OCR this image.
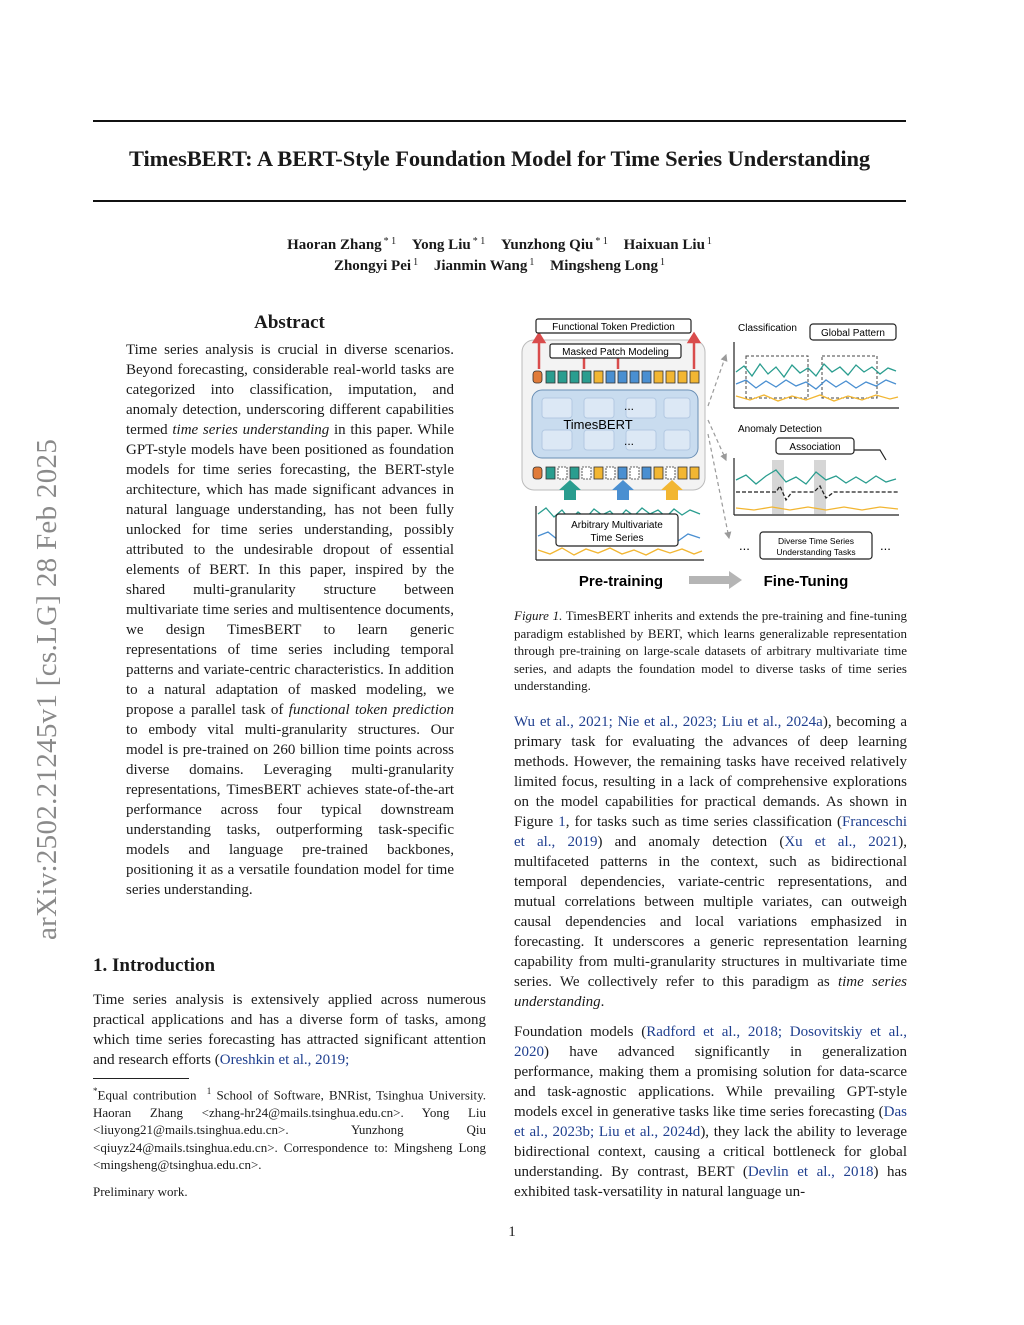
arXiv:2502.21245v1 [cs.LG] 28 Feb 2025
TimesBERT: A BERT-Style Foundation Model for Time Series Understanding
Haoran Zhang $^{* 1}$ Yong Liu $^{* 1}$ Yunzhong Qiu $^{* 1}$ Haixuan Liu $^1$
Zhongyi Pei $^1$ Jianmin Wang $^1$ Mingsheng Long $^1$
Abstract
Time series analysis is crucial in diverse scenarios. Beyond forecasting, considerable real-world tasks are categorized into classification, imputation, and anomaly detection, underscoring different capabilities termed time series understanding in this paper. While GPT-style models have been positioned as foundation models for time series forecasting, the BERT-style architecture, which has made significant advances in natural language understanding, has not been fully unlocked for time series understanding, possibly attributed to the undesirable dropout of essential elements of BERT. In this paper, inspired by the shared multi-granularity structure between multivariate time series and multisentence documents, we design TimesBERT to learn generic representations of time series including temporal patterns and variate-centric characteristics. In addition to a natural adaptation of masked modeling, we propose a parallel task of functional token prediction to embody vital multi-granularity structures. Our model is pre-trained on 260 billion time points across diverse domains. Leveraging multi-granularity representations, TimesBERT achieves state-of-the-art performance across four typical downstream understanding tasks, outperforming task-specific models and language pre-trained backbones, positioning it as a versatile foundation model for time series understanding.
1. Introduction
Time series analysis is extensively applied across numerous practical applications and has a diverse form of tasks, among which time series forecasting has attracted significant attention and research efforts (Oreshkin et al., 2019;
*Equal contribution $^1$ School of Software, BNRist, Tsinghua University. Haoran Zhang <zhang-hr24@mails.tsinghua.edu.cn>. Yong Liu <liuyong21@mails.tsinghua.edu.cn>. Yunzhong Qiu <qiuyz24@mails.tsinghua.edu.cn>. Correspondence to: Mingsheng Long <mingsheng@tsinghua.edu.cn>.
Preliminary work.
Functional Token Prediction
Masked Patch Modeling
...
TimesBERT
...
Arbitrary Multivariate
Time Series
Pre-training	Fine-Tuning
Classification Global Pattern
Anomaly Detection
Association
...	Diverse Time Series
Understanding Tasks ...
Figure 1. TimesBERT inherits and extends the pre-training and fine-tuning paradigm established by BERT, which learns generalizable representation through pre-training on large-scale datasets of arbitrary multivariate time series, and adapts the foundation model to diverse tasks of time series understanding.
Wu et al., 2021; Nie et al., 2023; Liu et al., 2024a), becoming a primary task for evaluating the advances of deep learning methods. However, the remaining tasks have received relatively limited focus, resulting in a lack of comprehensive explorations on the model capabilities for practical demands. As shown in Figure 1, for tasks such as time series classification (Franceschi et al., 2019) and anomaly detection (Xu et al., 2021), multifaceted patterns in the context, such as bidirectional temporal dependencies, variate-centric representations, and mutual correlations between multiple variates, can outweigh causal dependencies and local variations emphasized in forecasting. It underscores a generic representation learning capability from multi-granularity structures in multivariate time series. We collectively refer to this paradigm as time series understanding.
Foundation models (Radford et al., 2018; Dosovitskiy et al., 2020) have advanced significantly in generalization performance, making them a promising solution for data-scarce and task-agnostic applications. While prevailing GPT-style models excel in generative tasks like time series forecasting (Das et al., 2023b; Liu et al., 2024d), they lack the ability to leverage bidirectional context, causing a critical bottleneck for global understanding. By contrast, BERT (Devlin et al., 2018) has exhibited task-versatility in natural language un-
1
